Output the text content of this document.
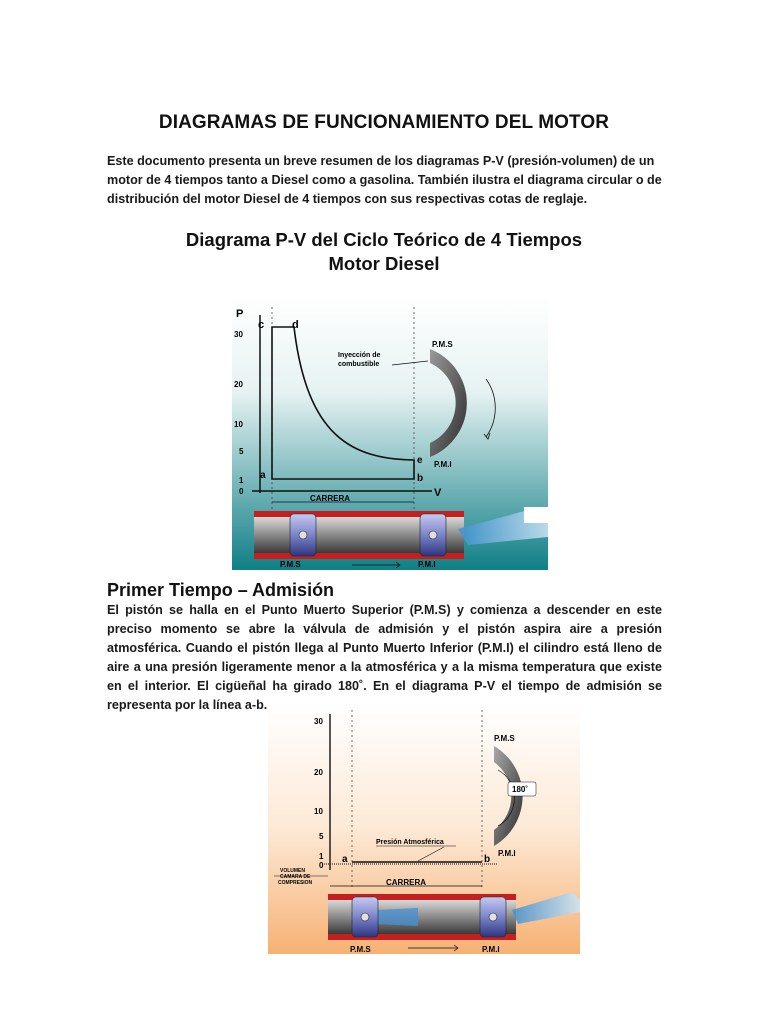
DIAGRAMAS DE FUNCIONAMIENTO DEL MOTOR
Este documento presenta un breve resumen de los diagramas P-V (presión-volumen) de un motor de 4 tiempos tanto a Diesel como a gasolina. También ilustra el diagrama circular o de distribución del motor Diesel de 4 tiempos con sus respectivas cotas de reglaje.
Diagrama P-V del Ciclo Teórico de 4 Tiempos
Motor Diesel
P
V
30
20
10
5
1
0
c	d
e
a	b
Inyección de
combustible
P.M.S
P.M.I
CARRERA
P.M.S	P.M.I
Primer Tiempo – Admisión
El pistón se halla en el Punto Muerto Superior (P.M.S) y comienza a descender en este preciso momento se abre la válvula de admisión y el pistón aspira aire a presión atmosférica. Cuando el pistón llega al Punto Muerto Inferior (P.M.I) el cilindro está lleno de aire a una presión ligeramente menor a la atmosférica y a la misma temperatura que existe en el interior. El cigüeñal ha girado 180˚. En el diagrama P-V el tiempo de admisión se representa por la línea a-b.
30
20
10
5
1
0
a	b
Presión Atmosférica
180˚
P.M.S
P.M.I
VOLUMEN
CAMARA DE
COMPRESION	CARRERA
P.M.S	P.M.I
